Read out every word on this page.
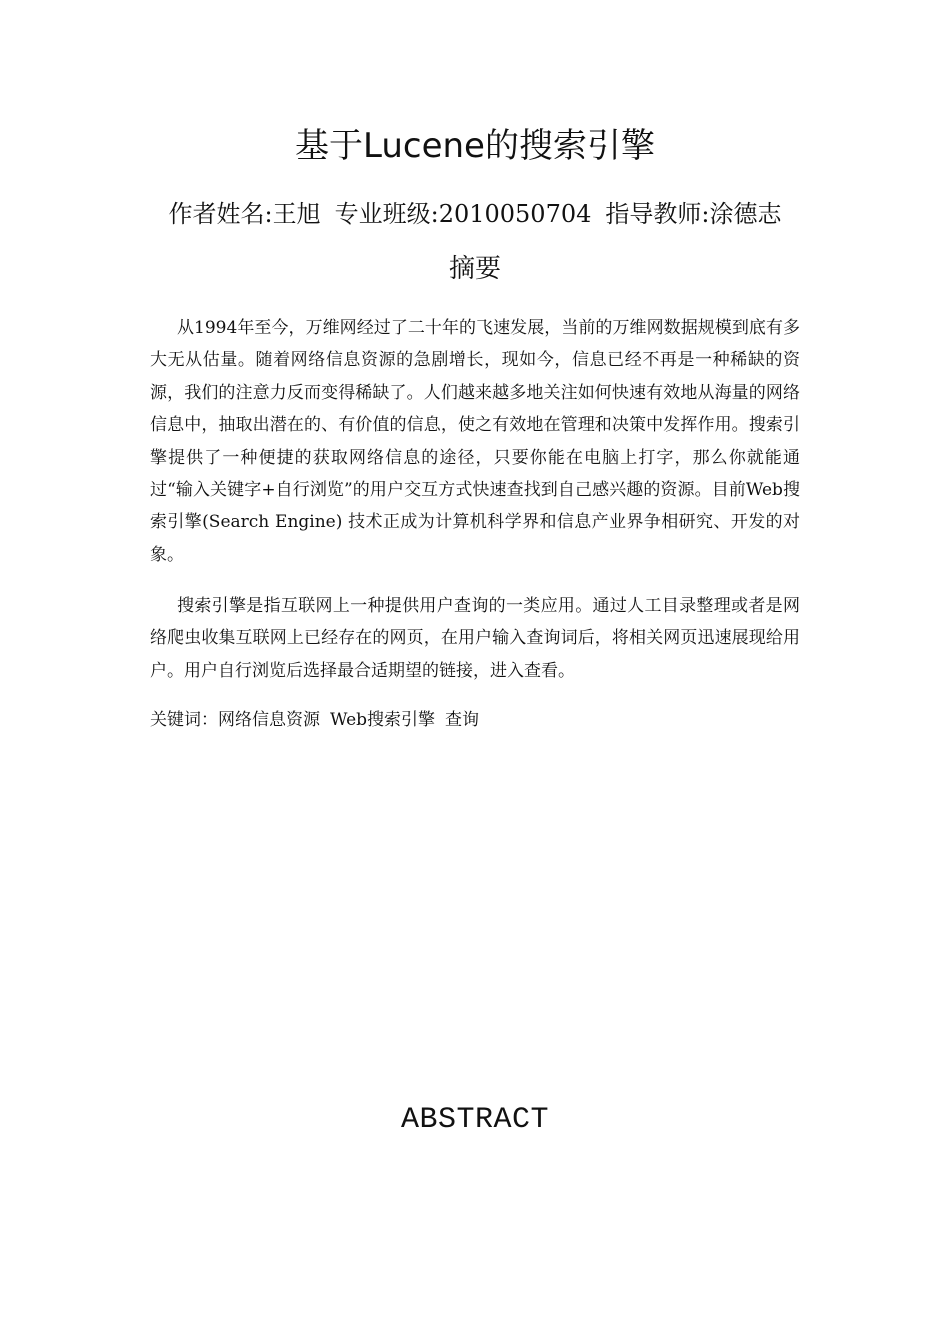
基于Lucene的搜索引擎
作者姓名:王旭 专业班级:2010050704 指导教师:涂德志
摘要

从1994年至今，万维网经过了二十年的飞速发展，当前的万维网数据规模到底有多大无从估量。随着网络信息资源的急剧增长，现如今，信息已经不再是一种稀缺的资源，我们的注意力反而变得稀缺了。人们越来越多地关注如何快速有效地从海量的网络信息中，抽取出潜在的、有价值的信息，使之有效地在管理和决策中发挥作用。搜索引擎提供了一种便捷的获取网络信息的途径，只要你能在电脑上打字，那么你就能通过“输入关键字+自行浏览”的用户交互方式快速查找到自己感兴趣的资源。目前Web搜索引擎(Search Engine) 技术正成为计算机科学界和信息产业界争相研究、开发的对象。

搜索引擎是指互联网上一种提供用户查询的一类应用。通过人工目录整理或者是网络爬虫收集互联网上已经存在的网页，在用户输入查询词后，将相关网页迅速展现给用户。用户自行浏览后选择最合适期望的链接，进入查看。

关键词：网络信息资源 Web搜索引擎 查询
ABSTRACT
